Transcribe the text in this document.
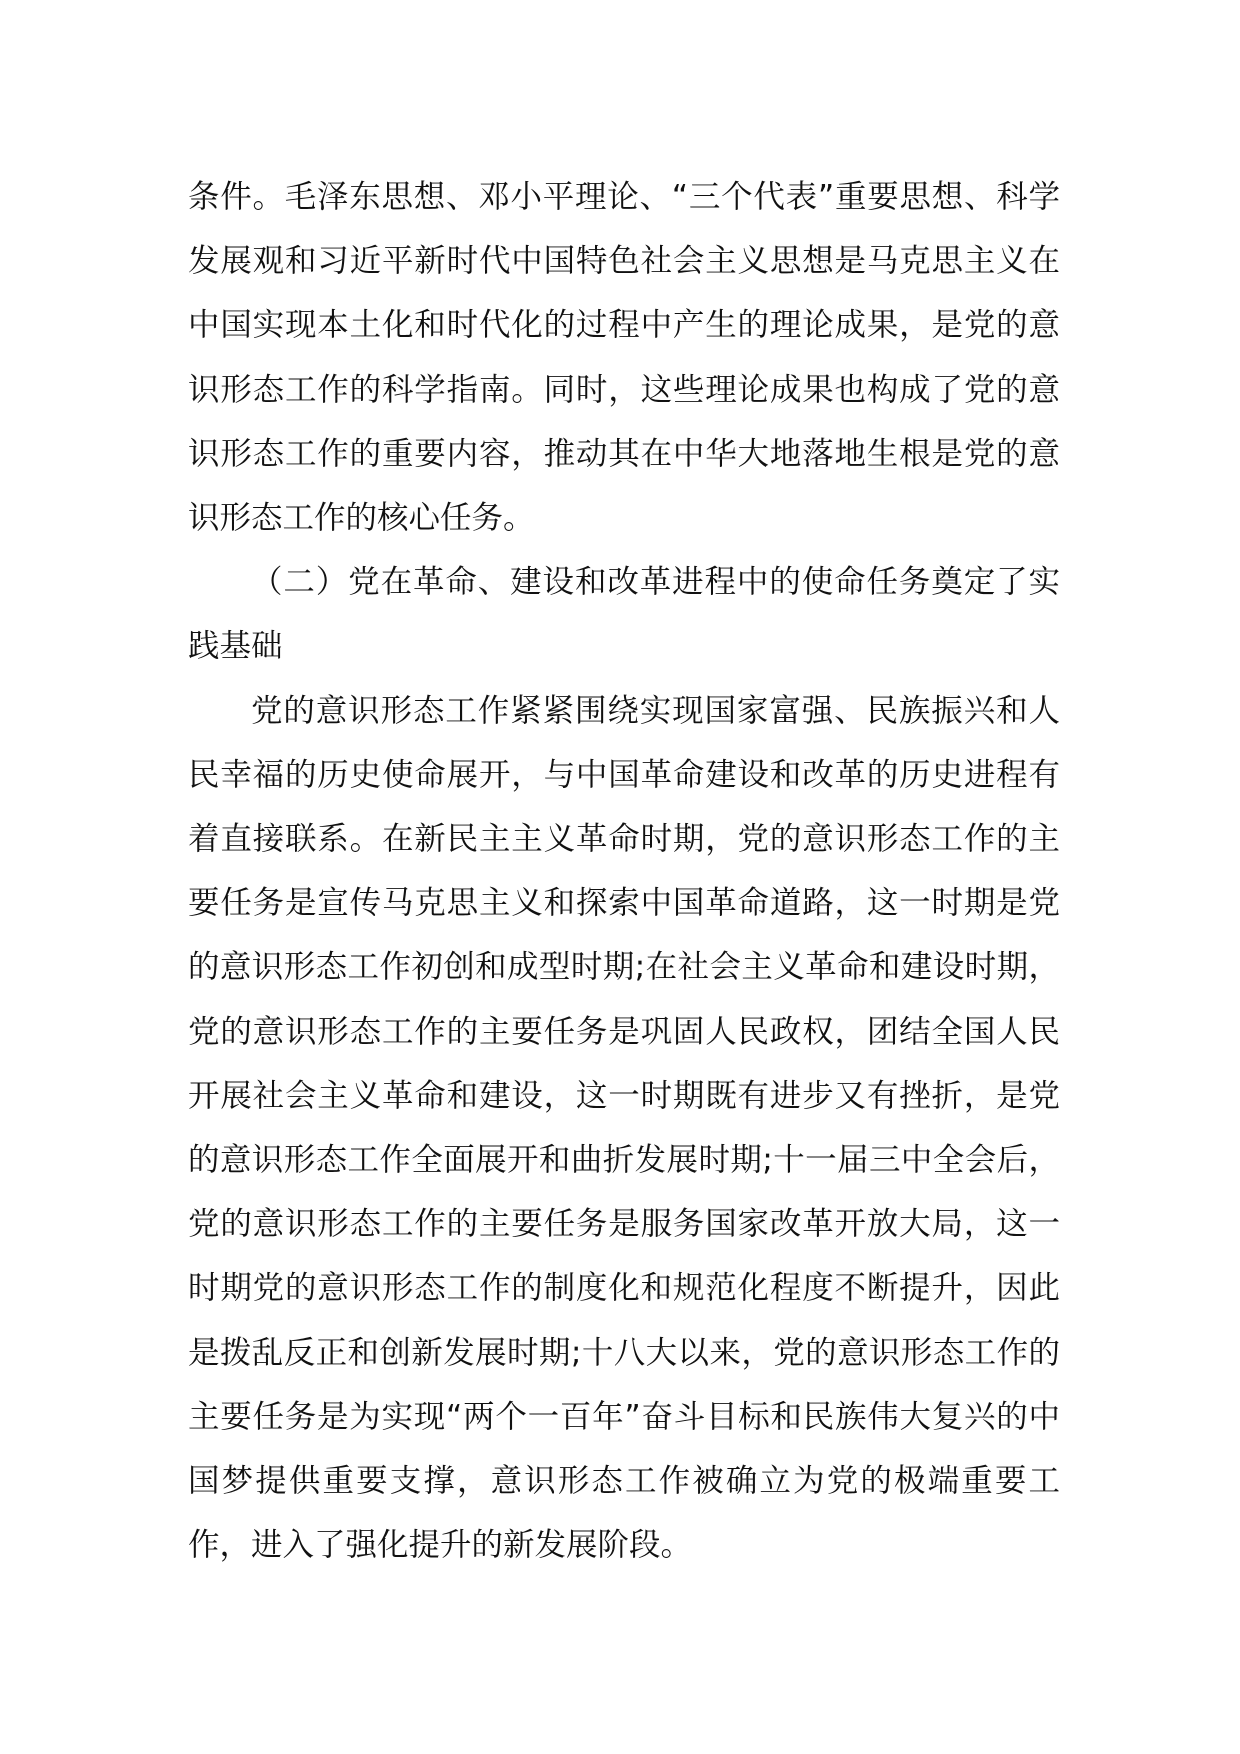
条件。毛泽东思想、邓小平理论、“三个代表”重要思想、科学发展观和习近平新时代中国特色社会主义思想是马克思主义在中国实现本土化和时代化的过程中产生的理论成果，是党的意识形态工作的科学指南。同时，这些理论成果也构成了党的意识形态工作的重要内容，推动其在中华大地落地生根是党的意识形态工作的核心任务。

（二）党在革命、建设和改革进程中的使命任务奠定了实践基础

党的意识形态工作紧紧围绕实现国家富强、民族振兴和人民幸福的历史使命展开，与中国革命建设和改革的历史进程有着直接联系。在新民主主义革命时期，党的意识形态工作的主要任务是宣传马克思主义和探索中国革命道路，这一时期是党的意识形态工作初创和成型时期;在社会主义革命和建设时期，党的意识形态工作的主要任务是巩固人民政权，团结全国人民开展社会主义革命和建设，这一时期既有进步又有挫折，是党的意识形态工作全面展开和曲折发展时期;十一届三中全会后，党的意识形态工作的主要任务是服务国家改革开放大局，这一时期党的意识形态工作的制度化和规范化程度不断提升，因此是拨乱反正和创新发展时期;十八大以来，党的意识形态工作的主要任务是为实现“两个一百年”奋斗目标和民族伟大复兴的中国梦提供重要支撑，意识形态工作被确立为党的极端重要工作，进入了强化提升的新发展阶段。
